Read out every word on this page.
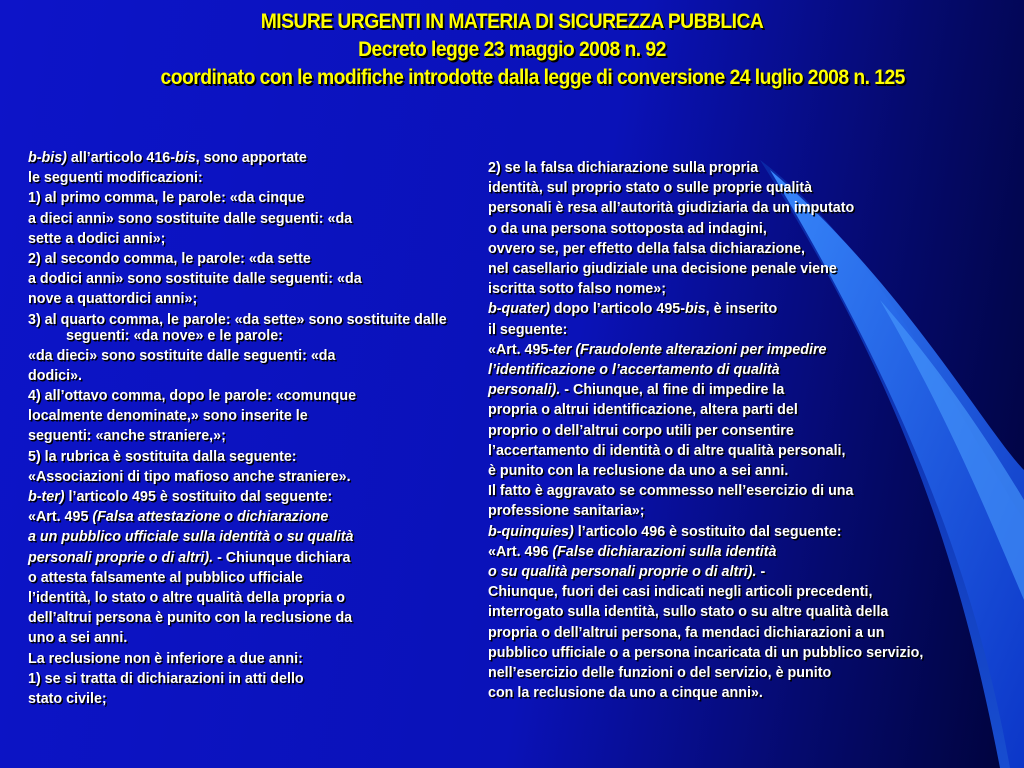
MISURE URGENTI IN MATERIA DI SICUREZZA PUBBLICA
Decreto legge 23 maggio 2008 n. 92
coordinato con le modifiche introdotte dalla legge di conversione 24 luglio 2008 n. 125
b-bis) all’articolo 416-bis, sono apportate
le seguenti modificazioni:
1) al primo comma, le parole: «da cinque
a dieci anni» sono sostituite dalle seguenti: «da
sette a dodici anni»;
2) al secondo comma, le parole: «da sette
a dodici anni» sono sostituite dalle seguenti: «da
nove a quattordici anni»;
3) al quarto comma, le parole: «da sette» sono sostituite dalle seguenti: «da nove» e le parole:
«da dieci» sono sostituite dalle seguenti: «da
dodici».
4) all’ottavo comma, dopo le parole: «comunque
localmente denominate,» sono inserite le
seguenti: «anche straniere,»;
5) la rubrica è sostituita dalla seguente:
«Associazioni di tipo mafioso anche straniere».
b-ter) l’articolo 495 è sostituito dal seguente:
«Art. 495 (Falsa attestazione o dichiarazione
a un pubblico ufficiale sulla identità o su qualità
personali proprie o di altri). - Chiunque dichiara
o attesta falsamente al pubblico ufficiale
l’identità, lo stato o altre qualità della propria o
dell’altrui persona è punito con la reclusione da
uno a sei anni.
La reclusione non è inferiore a due anni:
1) se si tratta di dichiarazioni in atti dello
stato civile;
2) se la falsa dichiarazione sulla propria
identità, sul proprio stato o sulle proprie qualità
personali è resa all’autorità giudiziaria da un imputato
o da una persona sottoposta ad indagini,
ovvero se, per effetto della falsa dichiarazione,
nel casellario giudiziale una decisione penale viene
iscritta sotto falso nome»;
b-quater) dopo l’articolo 495-bis, è inserito
il seguente:
«Art. 495-ter (Fraudolente alterazioni per impedire
l’identificazione o l’accertamento di qualità
personali). - Chiunque, al fine di impedire la
propria o altrui identificazione, altera parti del
proprio o dell’altrui corpo utili per consentire
l’accertamento di identità o di altre qualità personali,
è punito con la reclusione da uno a sei anni.
Il fatto è aggravato se commesso nell’esercizio di una
professione sanitaria»;
b-quinquies) l’articolo 496 è sostituito dal seguente:
«Art. 496 (False dichiarazioni sulla identità
o su qualità personali proprie o di altri). -
Chiunque, fuori dei casi indicati negli articoli precedenti,
interrogato sulla identità, sullo stato o su altre qualità della
propria o dell’altrui persona, fa mendaci dichiarazioni a un
pubblico ufficiale o a persona incaricata di un pubblico servizio,
nell’esercizio delle funzioni o del servizio, è punito
con la reclusione da uno a cinque anni».
